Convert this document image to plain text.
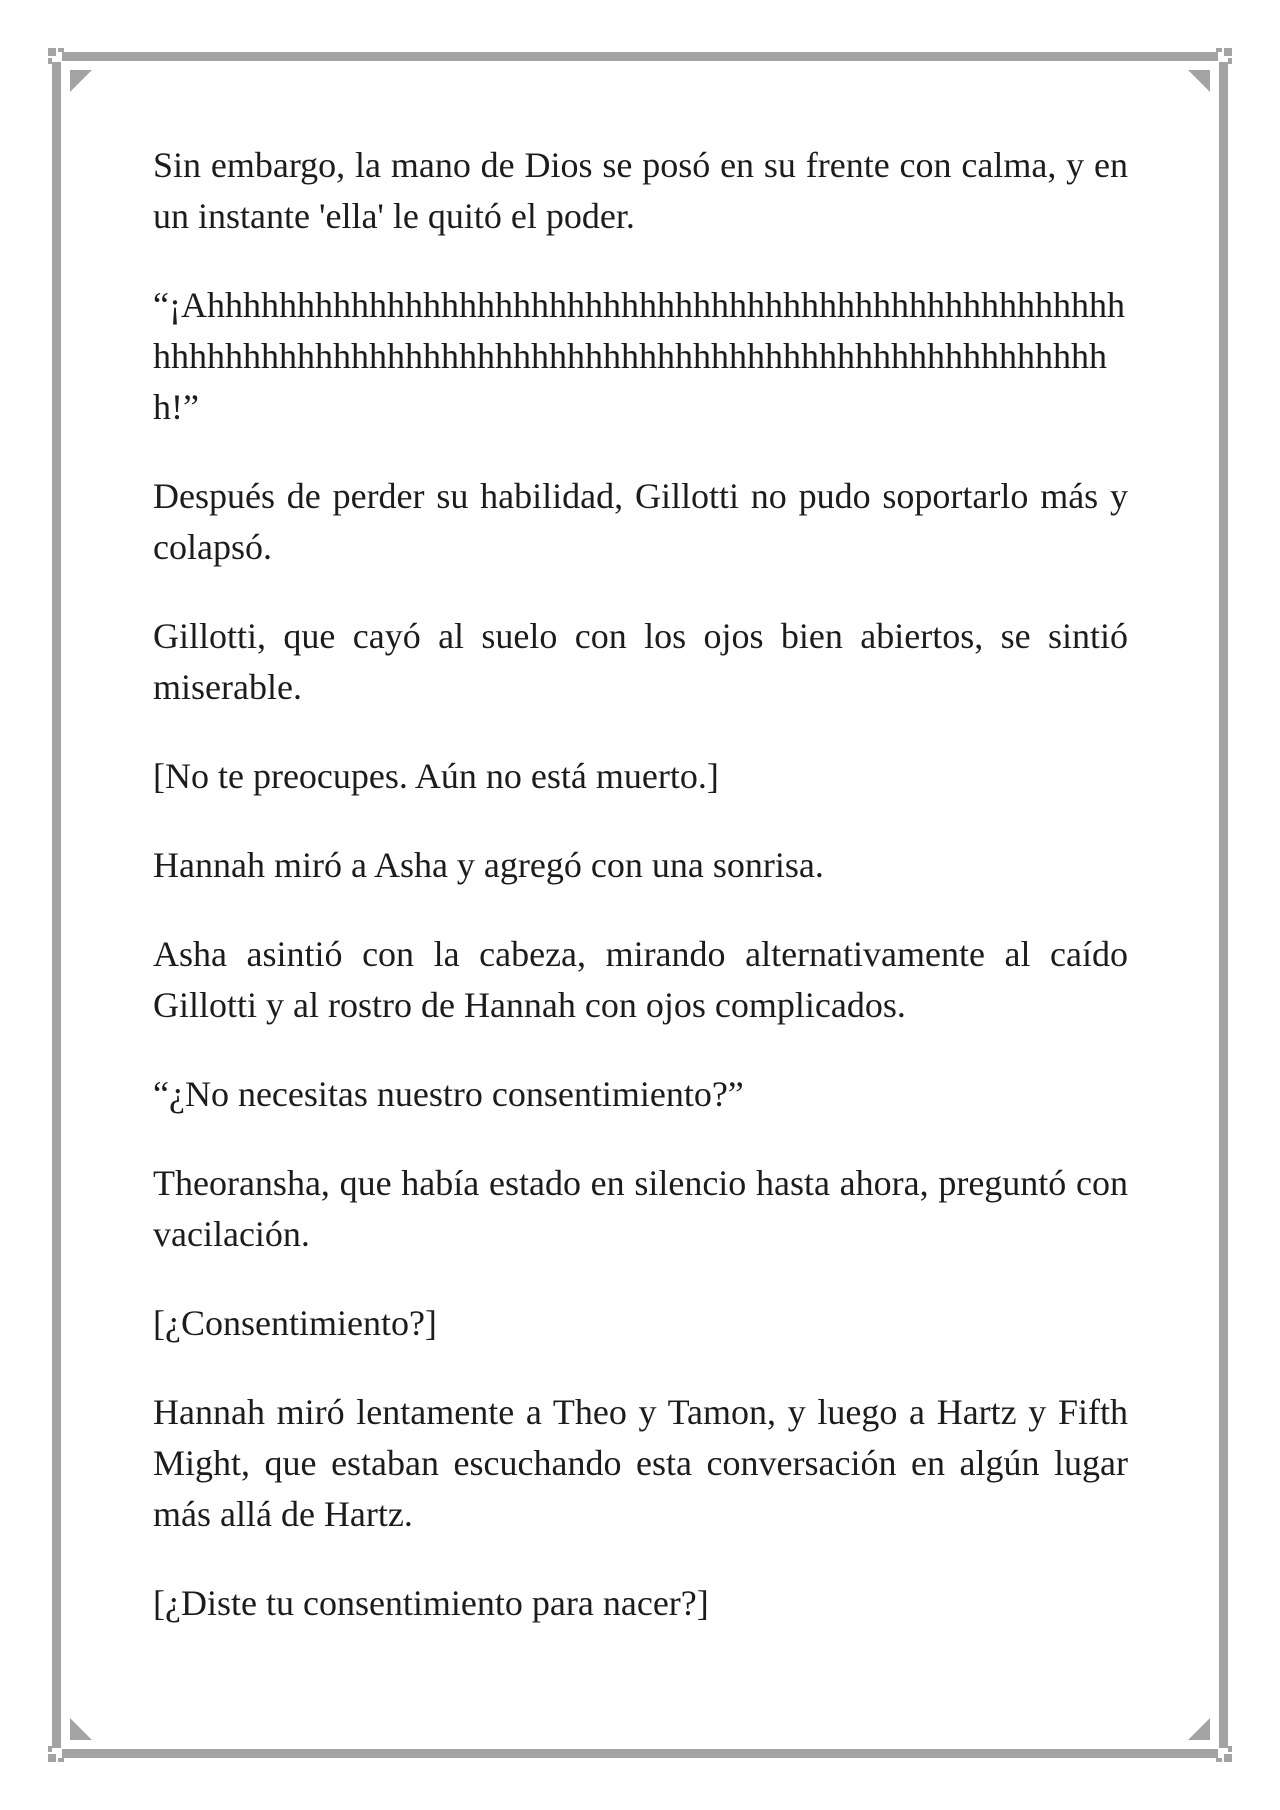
Sin embargo, la mano de Dios se posó en su frente con calma, y en un instante 'ella' le quitó el poder.

“¡Ahhhhhhhhhhhhhhhhhhhhhhhhhhhhhhhhhhhhhhhhhhhhhhhhhhhhhhhhhhhhhhhhhhhhhhhhhhhhhhhhhhhhhhhhhhhhhhhhhhhhhhhhh!”

Después de perder su habilidad, Gillotti no pudo soportarlo más y colapsó.

Gillotti, que cayó al suelo con los ojos bien abiertos, se sintió miserable.

[No te preocupes. Aún no está muerto.]

Hannah miró a Asha y agregó con una sonrisa.

Asha asintió con la cabeza, mirando alternativamente al caído Gillotti y al rostro de Hannah con ojos complicados.

“¿No necesitas nuestro consentimiento?”

Theoransha, que había estado en silencio hasta ahora, preguntó con vacilación.

[¿Consentimiento?]

Hannah miró lentamente a Theo y Tamon, y luego a Hartz y Fifth Might, que estaban escuchando esta conversación en algún lugar más allá de Hartz.

[¿Diste tu consentimiento para nacer?]
